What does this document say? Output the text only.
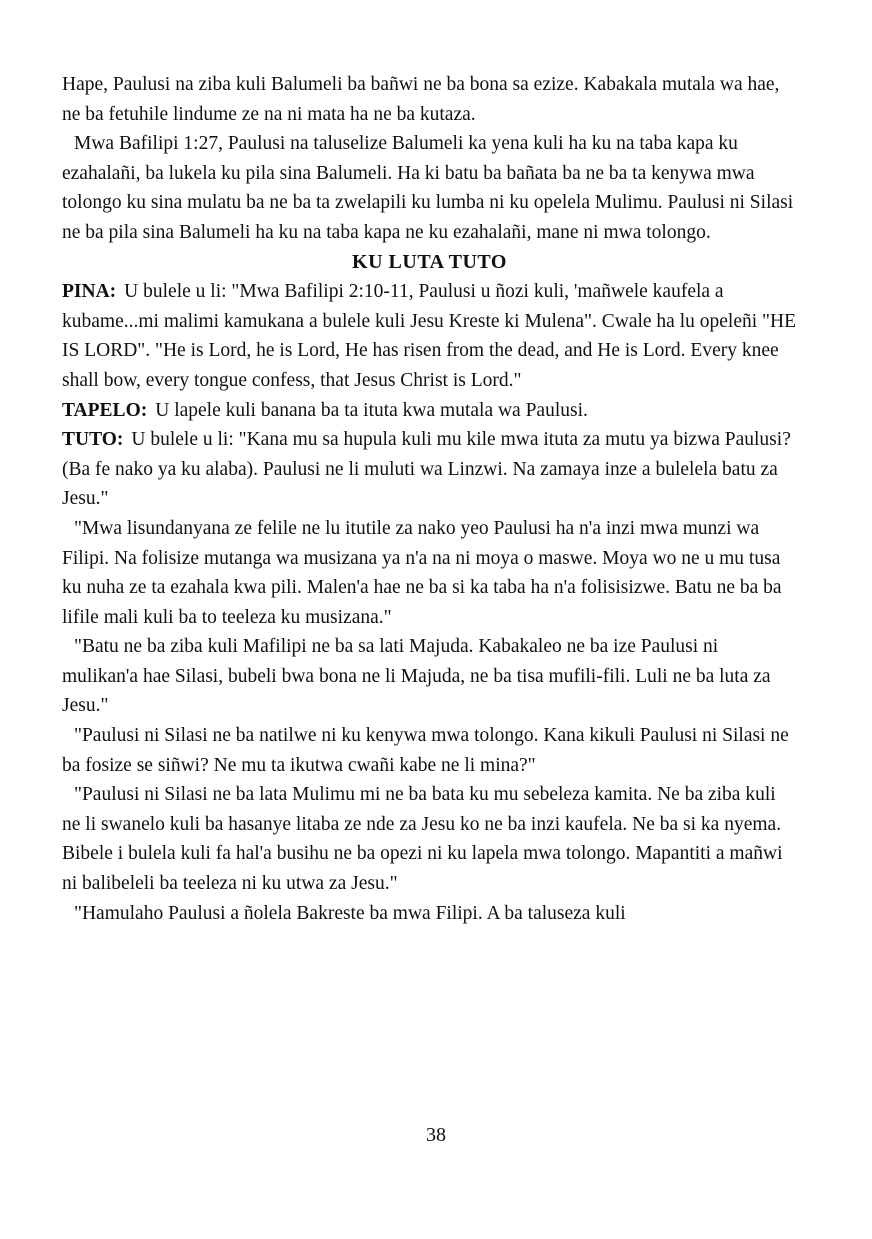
Hape, Paulusi na ziba kuli Balumeli ba bañwi ne ba bona sa ezize. Kabakala mutala wa hae, ne ba fetuhile lindume ze na ni mata ha ne ba kutaza.

Mwa Bafilipi 1:27, Paulusi na taluselize Balumeli ka yena kuli ha ku na taba kapa ku ezahalañi, ba lukela ku pila sina Balumeli. Ha ki batu ba bañata ba ne ba ta kenywa mwa tolongo ku sina mulatu ba ne ba ta zwelapili ku lumba ni ku opelela Mulimu. Paulusi ni Silasi ne ba pila sina Balumeli ha ku na taba kapa ne ku ezahalañi, mane ni mwa tolongo.

KU LUTA TUTO

PINA: U bulele u li: "Mwa Bafilipi 2:10-11, Paulusi u ñozi kuli, 'mañwele kaufela a kubame...mi malimi kamukana a bulele kuli Jesu Kreste ki Mulena". Cwale ha lu opeleñi "HE IS LORD". "He is Lord, he is Lord, He has risen from the dead, and He is Lord. Every knee shall bow, every tongue confess, that Jesus Christ is Lord."

TAPELO: U lapele kuli banana ba ta ituta kwa mutala wa Paulusi.

TUTO: U bulele u li: "Kana mu sa hupula kuli mu kile mwa ituta za mutu ya bizwa Paulusi? (Ba fe nako ya ku alaba). Paulusi ne li muluti wa Linzwi. Na zamaya inze a bulelela batu za Jesu."

"Mwa lisundanyana ze felile ne lu itutile za nako yeo Paulusi ha n'a inzi mwa munzi wa Filipi. Na folisize mutanga wa musizana ya n'a na ni moya o maswe. Moya wo ne u mu tusa ku nuha ze ta ezahala kwa pili. Malen'a hae ne ba si ka taba ha n'a folisisizwe. Batu ne ba ba lifile mali kuli ba to teeleza ku musizana."

"Batu ne ba ziba kuli Mafilipi ne ba sa lati Majuda. Kabakaleo ne ba ize Paulusi ni mulikan'a hae Silasi, bubeli bwa bona ne li Majuda, ne ba tisa mufili-fili. Luli ne ba luta za Jesu."

"Paulusi ni Silasi ne ba natilwe ni ku kenywa mwa tolongo. Kana kikuli Paulusi ni Silasi ne ba fosize se siñwi? Ne mu ta ikutwa cwañi kabe ne li mina?"

"Paulusi ni Silasi ne ba lata Mulimu mi ne ba bata ku mu sebeleza kamita. Ne ba ziba kuli ne li swanelo kuli ba hasanye litaba ze nde za Jesu ko ne ba inzi kaufela. Ne ba si ka nyema. Bibele i bulela kuli fa hal'a busihu ne ba opezi ni ku lapela mwa tolongo. Mapantiti a mañwi ni balibeleli ba teeleza ni ku utwa za Jesu."

"Hamulaho Paulusi a ñolela Bakreste ba mwa Filipi. A ba taluseza kuli

38
